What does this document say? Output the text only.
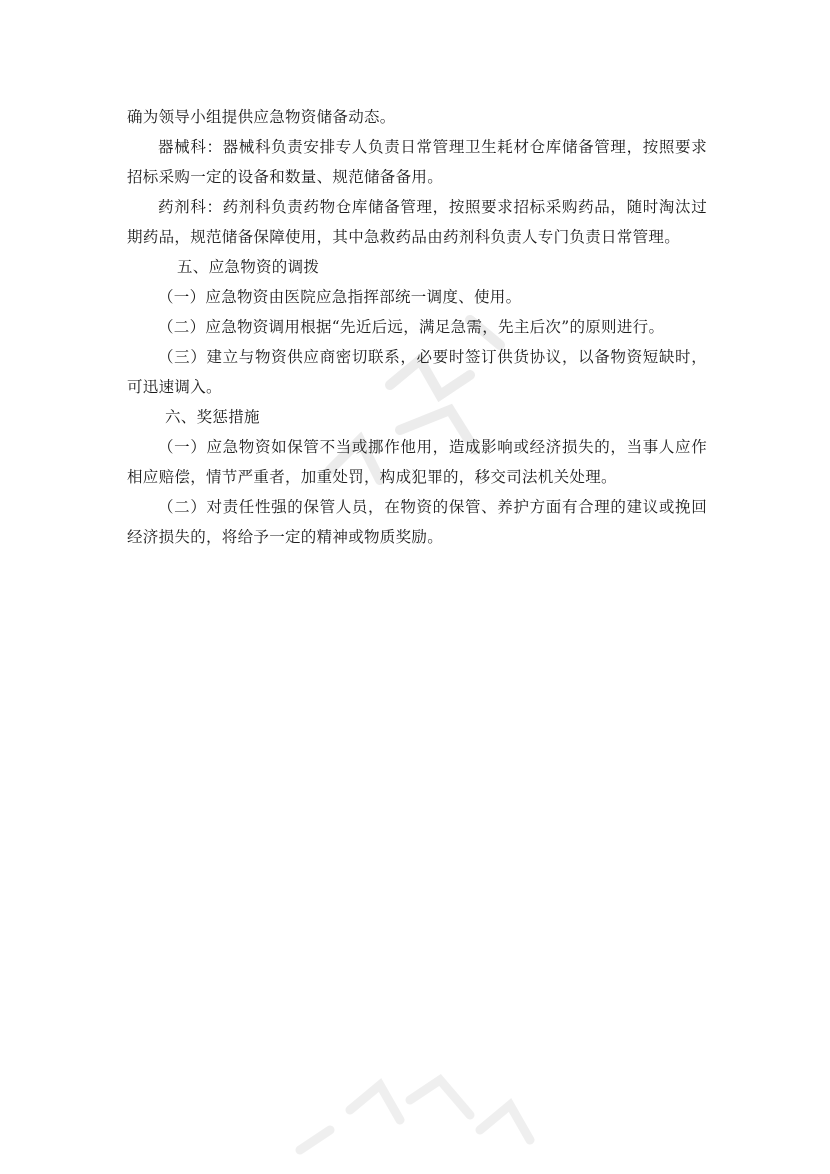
确为领导小组提供应急物资储备动态。

器械科：器械科负责安排专人负责日常管理卫生耗材仓库储备管理，按照要求招标采购一定的设备和数量、规范储备备用。

药剂科：药剂科负责药物仓库储备管理，按照要求招标采购药品，随时淘汰过期药品，规范储备保障使用，其中急救药品由药剂科负责人专门负责日常管理。

五、应急物资的调拨

（一）应急物资由医院应急指挥部统一调度、使用。

（二）应急物资调用根据“先近后远，满足急需，先主后次”的原则进行。

（三）建立与物资供应商密切联系，必要时签订供货协议，以备物资短缺时，可迅速调入。

六、奖惩措施

（一）应急物资如保管不当或挪作他用，造成影响或经济损失的，当事人应作相应赔偿，情节严重者，加重处罚，构成犯罪的，移交司法机关处理。

（二）对责任性强的保管人员，在物资的保管、养护方面有合理的建议或挽回经济损失的，将给予一定的精神或物质奖励。
